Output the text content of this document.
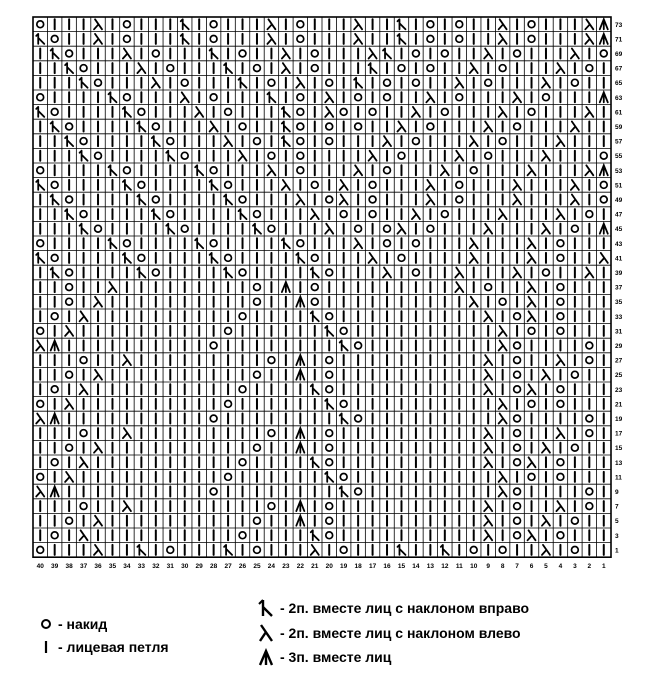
40 39 38 37 36 35 34 33 32 31 30 29 28 27 26 25 24 23 22 21 20 19 18 17 16 15 14 13 12 11 10 9 8 7 6 5 4 3 2 1
73
71
69
67
65
63
61
59
57
55
53
51
49
47
45
43
41
39
37
35
33
31
29
27
25
23
21
19
17
15
13
11
9
7
5
3
1
- накид
- лицевая петля
- 2п. вместе лиц с наклоном вправо
- 2п. вместе лиц с наклоном влево
- 3п. вместе лиц
